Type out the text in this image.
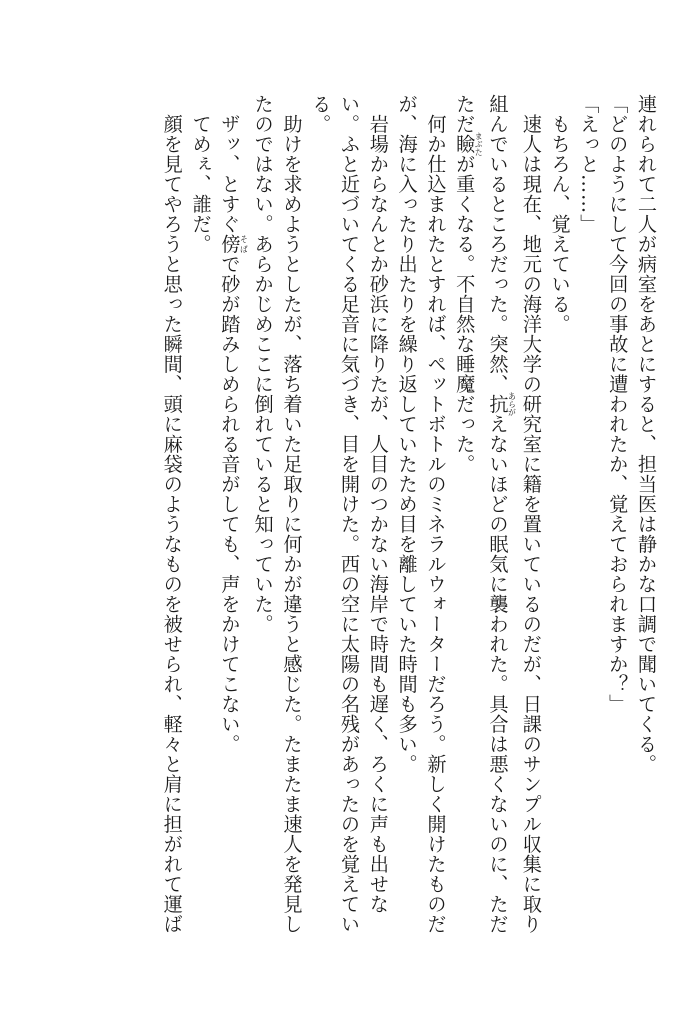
連れられて二人が病室をあとにすると、担当医は静かな口調で聞いてくる。
「どのようにして今回の事故に遭われたか、覚えておられますか？」
「えっと……」
　もちろん、覚えている。
　速人は現在、地元の海洋大学の研究室に籍を置いているのだが、日課のサンプル収集に取り
組んでいるところだった。突然、抗あらがえないほどの眠気に襲われた。具合は悪くないのに、ただ
ただ瞼まぶたが重くなる。不自然な睡魔だった。
　何か仕込まれたとすれば、ペットボトルのミネラルウォーターだろう。新しく開けたものだ
が、海に入ったり出たりを繰り返していたため目を離していた時間も多い。
　岩場からなんとか砂浜に降りたが、人目のつかない海岸で時間も遅く、ろくに声も出せな
い。ふと近づいてくる足音に気づき、目を開けた。西の空に太陽の名残があったのを覚えてい
る。
　助けを求めようとしたが、落ち着いた足取りに何かが違うと感じた。たまたま速人を発見し
たのではない。あらかじめここに倒れていると知っていた。
　ザッ、とすぐ傍そばで砂が踏みしめられる音がしても、声をかけてこない。
　てめぇ、誰だ。
　顔を見てやろうと思った瞬間、頭に麻袋のようなものを被せられ、軽々と肩に担がれて運ば
